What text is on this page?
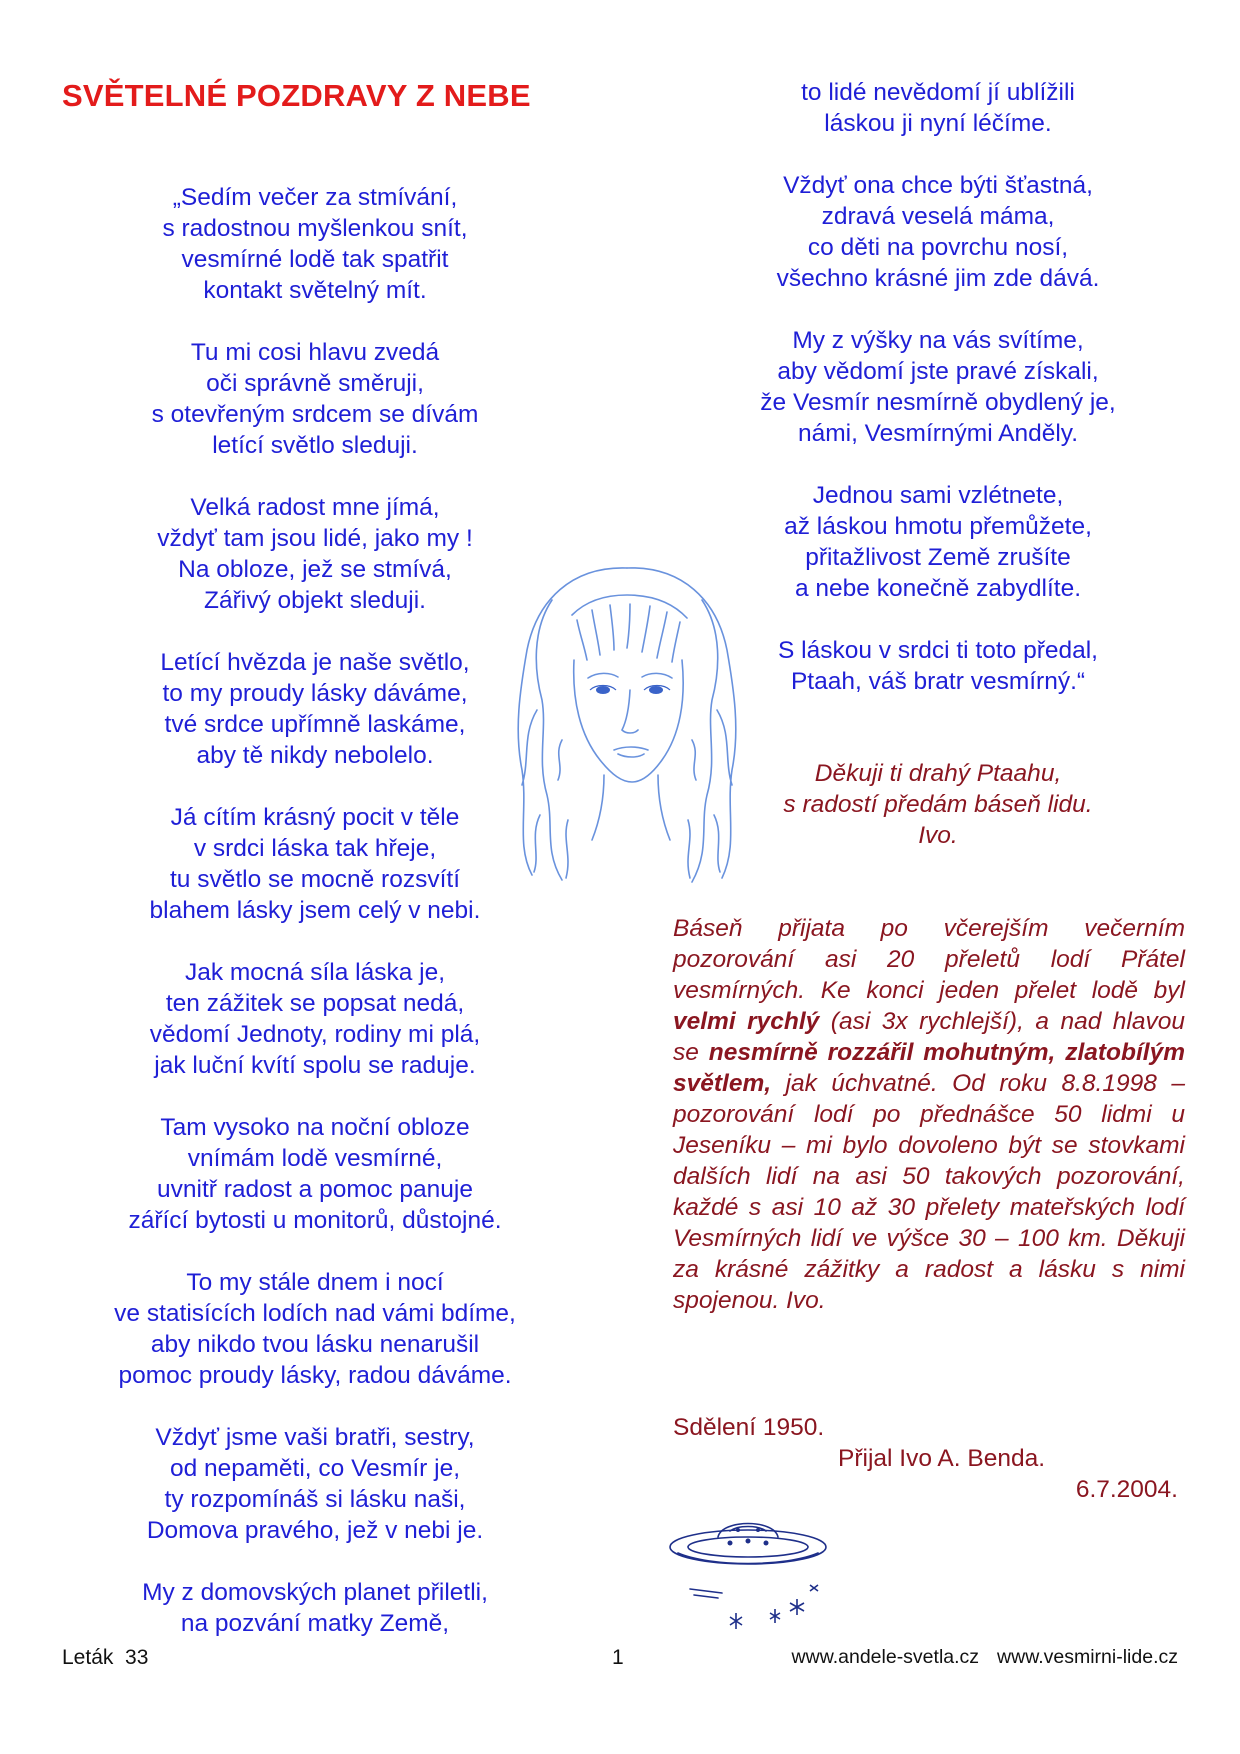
SVĚTELNÉ POZDRAVY Z NEBE

„Sedím večer za stmívání,
s radostnou myšlenkou snít,
vesmírné lodě tak spatřit
kontakt světelný mít.

Tu mi cosi hlavu zvedá
oči správně směruji,
s otevřeným srdcem se dívám
letící světlo sleduji.

Velká radost mne jímá,
vždyť tam jsou lidé, jako my !
Na obloze, jež se stmívá,
Zářivý objekt sleduji.

Letící hvězda je naše světlo,
to my proudy lásky dáváme,
tvé srdce upřímně laskáme,
aby tě nikdy nebolelo.

Já cítím krásný pocit v těle
v srdci láska tak hřeje,
tu světlo se mocně rozsvítí
blahem lásky jsem celý v nebi.

Jak mocná síla láska je,
ten zážitek se popsat nedá,
vědomí Jednoty, rodiny mi plá,
jak luční kvítí spolu se raduje.

Tam vysoko na noční obloze
vnímám lodě vesmírné,
uvnitř radost a pomoc panuje
zářící bytosti u monitorů, důstojné.

To my stále dnem i nocí
ve statisících lodích nad vámi bdíme,
aby nikdo tvou lásku nenarušil
pomoc proudy lásky, radou dáváme.

Vždyť jsme vaši bratři, sestry,
od nepaměti, co Vesmír je,
ty rozpomínáš si lásku naši,
Domova pravého, jež v nebi je.

My z domovských planet přiletli,
na pozvání matky Země,

to lidé nevědomí jí ublížili
láskou ji nyní léčíme.

Vždyť ona chce býti šťastná,
zdravá veselá máma,
co děti na povrchu nosí,
všechno krásné jim zde dává.

My z výšky na vás svítíme,
aby vědomí jste pravé získali,
že Vesmír nesmírně obydlený je,
námi, Vesmírnými Anděly.

Jednou sami vzlétnete,
až láskou hmotu přemůžete,
přitažlivost Země zrušíte
a nebe konečně zabydlíte.

S láskou v srdci ti toto předal,
Ptaah, váš bratr vesmírný.“

Děkuji ti drahý Ptaahu,
s radostí předám báseň lidu.
Ivo.
Báseň přijata po včerejším večerním pozorování asi 20 přeletů lodí Přátel vesmírných. Ke konci jeden přelet lodě byl velmi rychlý (asi 3x rychlejší), a nad hlavou se nesmírně rozzářil mohutným, zlatobílým světlem, jak úchvatné. Od roku 8.8.1998 – pozorování lodí po přednášce 50 lidmi u Jeseníku – mi bylo dovoleno být se stovkami dalších lidí na asi 50 takových pozorování, každé s asi 10 až 30 přelety mateřských lodí Vesmírných lidí ve výšce 30 – 100 km. Děkuji za krásné zážitky a radost a lásku s nimi spojenou. Ivo.
Sdělení 1950.
Přijal Ivo A. Benda.
6.7.2004.
Leták  33	1	www.andele-svetla.cz www.vesmirni-lide.cz
